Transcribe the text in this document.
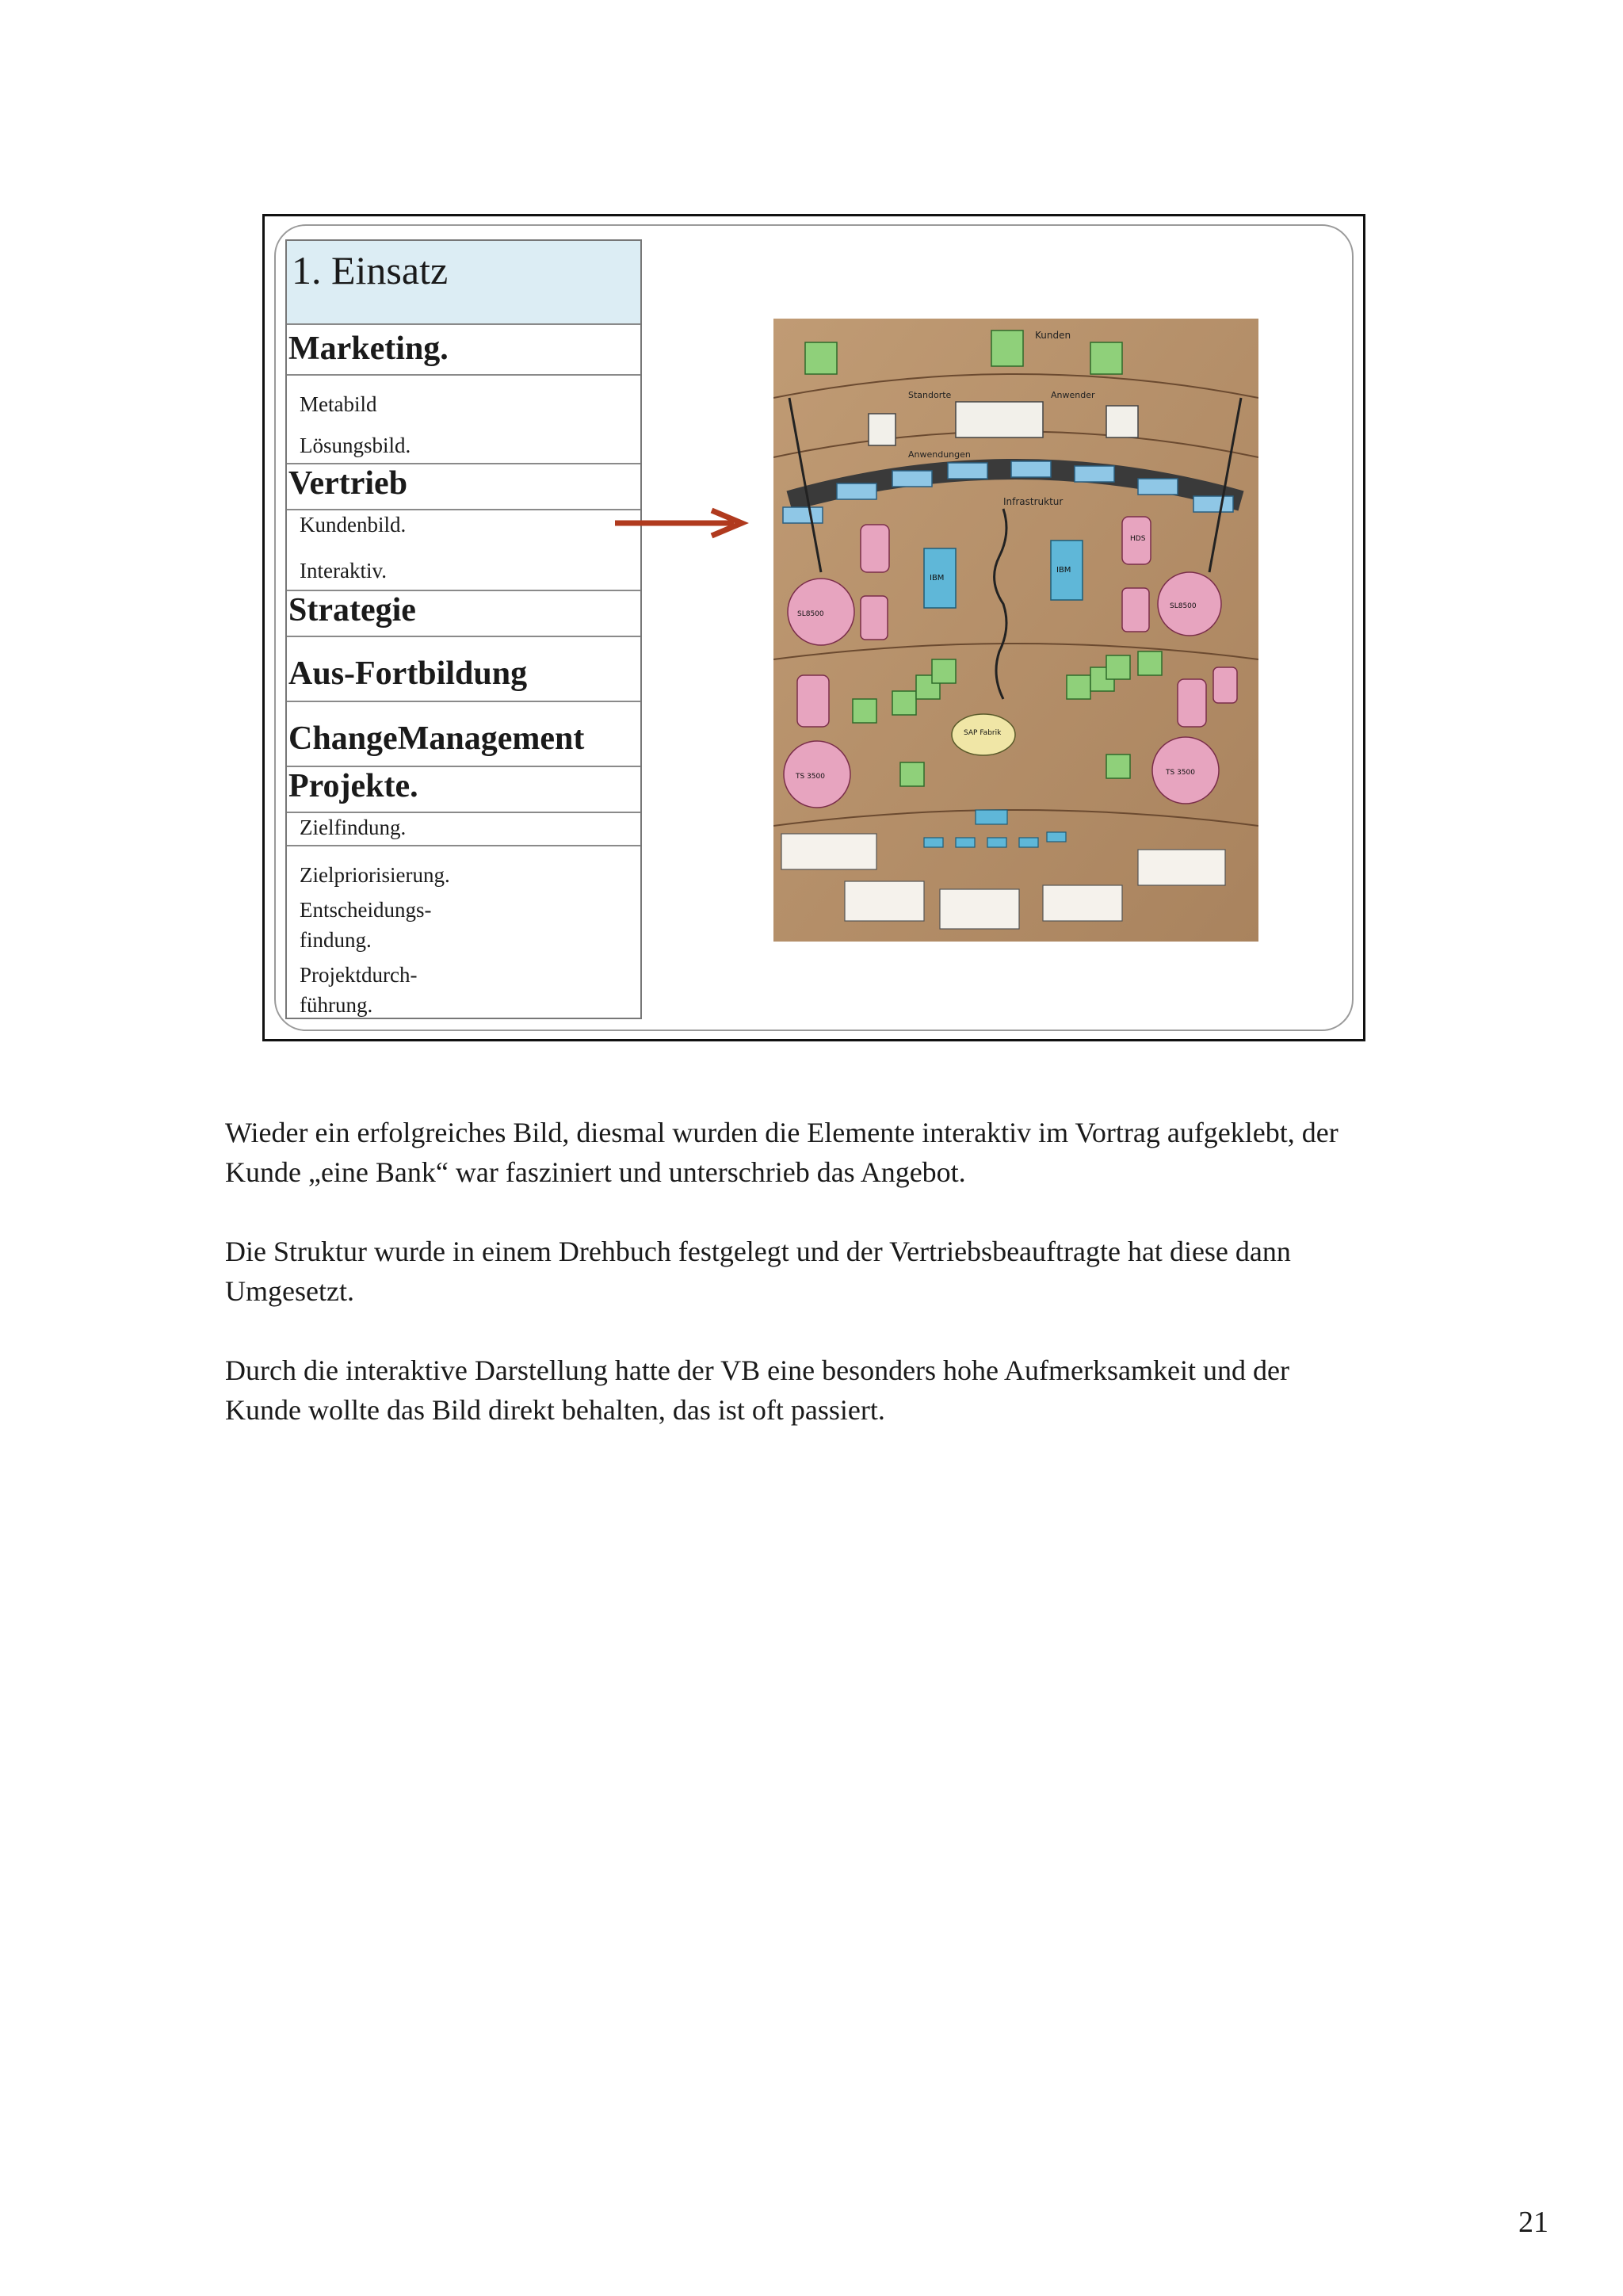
1. Einsatz
Marketing.
Metabild
Lösungsbild.
Vertrieb
Kundenbild.
Interaktiv.
Strategie
Aus-Fortbildung
ChangeManagement
Projekte.
Zielfindung.
Zielpriorisierung.
Entscheidungs-
findung.
Projektdurch-
führung.
Kunden
Standorte	Anwender
Anwendungen
Infrastruktur
IBM
IBM
HDS
SL8500
SL8500
TS 3500	TS 3500
SAP Fabrik

Wieder ein erfolgreiches Bild, diesmal wurden die Elemente interaktiv im Vortrag aufgeklebt, der

Kunde „eine Bank“ war fasziniert und unterschrieb das Angebot.

Die Struktur wurde in einem Drehbuch festgelegt und der Vertriebsbeauftragte hat diese dann

Umgesetzt.

Durch die interaktive Darstellung hatte der VB eine besonders hohe Aufmerksamkeit und der

Kunde wollte das Bild direkt behalten, das ist oft passiert.

21
